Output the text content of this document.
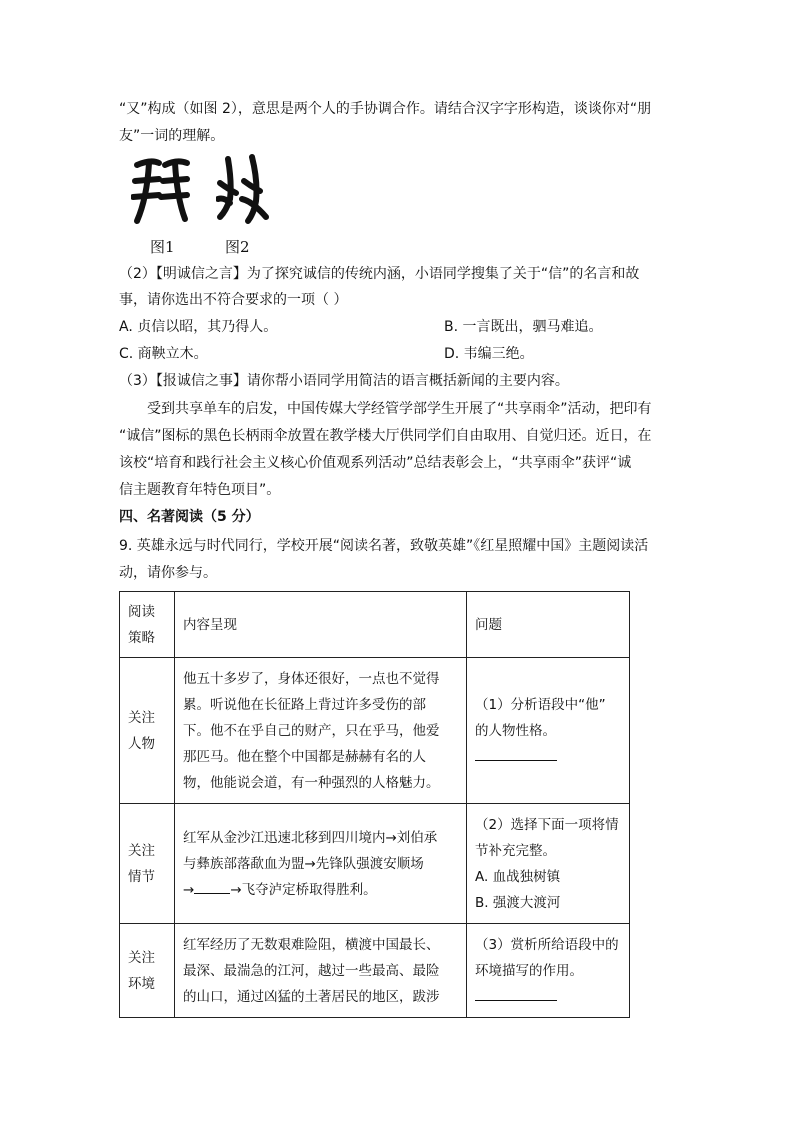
“又”构成（如图 2），意思是两个人的手协调合作。请结合汉字字形构造，谈谈你对“朋
友”一词的理解。
图1	图2
（2）【明诚信之言】为了探究诚信的传统内涵，小语同学搜集了关于“信”的名言和故
事，请你选出不符合要求的一项（ ）
A. 贞信以昭，其乃得人。	B. 一言既出，驷马难追。
C. 商鞅立木。	D. 韦编三绝。
（3）【报诚信之事】请你帮小语同学用简洁的语言概括新闻的主要内容。
受到共享单车的启发，中国传媒大学经管学部学生开展了“共享雨伞”活动，把印有
“诚信”图标的黑色长柄雨伞放置在教学楼大厅供同学们自由取用、自觉归还。近日，在
该校“培育和践行社会主义核心价值观系列活动”总结表彰会上，“共享雨伞”获评“诚
信主题教育年特色项目”。
四、名著阅读（5 分）
9. 英雄永远与时代同行，学校开展“阅读名著，致敬英雄”《红星照耀中国》主题阅读活
动，请你参与。
阅读
策略	内容呈现	问题

关注
人物	他五十多岁了，身体还很好，一点也不觉得
累。听说他在长征路上背过许多受伤的部
下。他不在乎自己的财产，只在乎马，他爱
那匹马。他在整个中国都是赫赫有名的人
物，他能说会道，有一种强烈的人格魅力。	（1）分析语段中“他”
的人物性格。

关注
情节	红军从金沙江迅速北移到四川境内→刘伯承
与彝族部落歃血为盟→先锋队强渡安顺场
→ →飞夺泸定桥取得胜利。	（2）选择下面一项将情
节补充完整。
A. 血战独树镇
B. 强渡大渡河

关注
环境	红军经历了无数艰难险阻，横渡中国最长、
最深、最湍急的江河，越过一些最高、最险
的山口，通过凶猛的土著居民的地区，跋涉	（3）赏析所给语段中的
环境描写的作用。
